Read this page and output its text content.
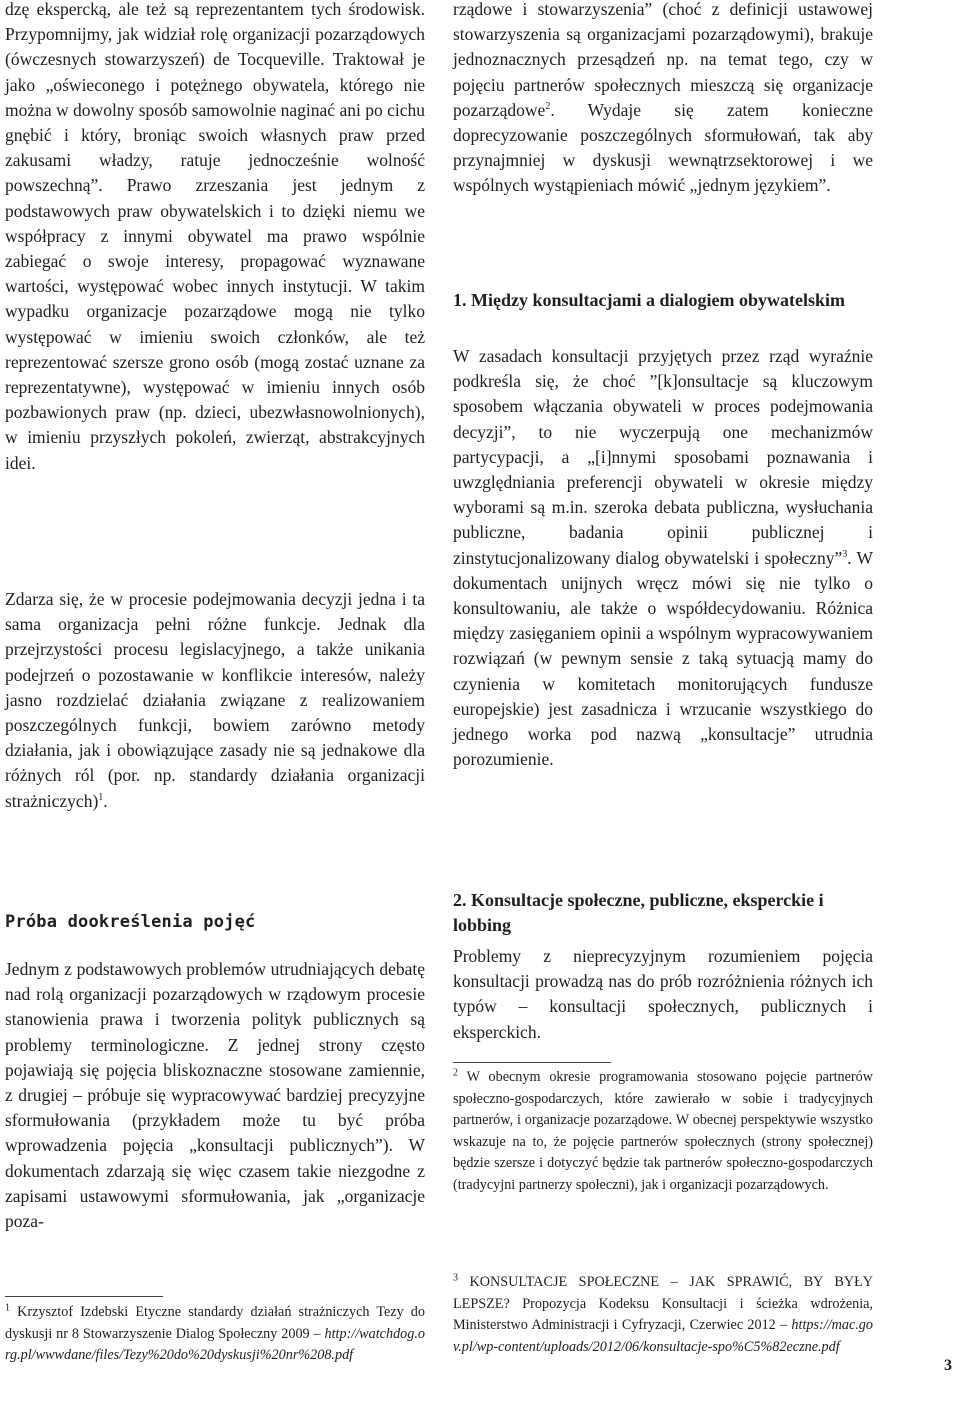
dzę ekspercką, ale też są reprezentantem tych środowisk. Przypomnijmy, jak widział rolę organizacji pozarządowych (ówczesnych stowarzyszeń) de Tocqueville. Traktował je jako „oświeconego i potężnego obywatela, którego nie można w dowolny sposób samowolnie naginać ani po cichu gnębić i który, broniąc swoich własnych praw przed zakusami władzy, ratuje jednocześnie wolność powszechną”. Prawo zrzeszania jest jednym z podstawowych praw obywatelskich i to dzięki niemu we współpracy z innymi obywatel ma prawo wspólnie zabiegać o swoje interesy, propagować wyznawane wartości, występować wobec innych instytucji. W takim wypadku organizacje pozarządowe mogą nie tylko występować w imieniu swoich członków, ale też reprezentować szersze grono osób (mogą zostać uznane za reprezentatywne), występować w imieniu innych osób pozbawionych praw (np. dzieci, ubezwłasnowolnionych), w imieniu przyszłych pokoleń, zwierząt, abstrakcyjnych idei.

Zdarza się, że w procesie podejmowania decyzji jedna i ta sama organizacja pełni różne funkcje. Jednak dla przejrzystości procesu legislacyjnego, a także unikania podejrzeń o pozostawanie w konflikcie interesów, należy jasno rozdzielać działania związane z realizowaniem poszczególnych funkcji, bowiem zarówno metody działania, jak i obowiązujące zasady nie są jednakowe dla różnych ról (por. np. standardy działania organizacji strażniczych)$^1$.

Próba dookreślenia pojęć

Jednym z podstawowych problemów utrudniających debatę nad rolą organizacji pozarządowych w rządowym procesie stanowienia prawa i tworzenia polityk publicznych są problemy terminologiczne. Z jednej strony często pojawiają się pojęcia bliskoznaczne stosowane zamiennie, z drugiej – próbuje się wypracowywać bardziej precyzyjne sformułowania (przykładem może tu być próba wprowadzenia pojęcia „konsultacji publicznych”). W dokumentach zdarzają się więc czasem takie niezgodne z zapisami ustawowymi sformułowania, jak „organizacje poza-

$^1$ Krzysztof Izdebski Etyczne standardy działań strażniczych Tezy do dyskusji nr 8 Stowarzyszenie Dialog Społeczny 2009 – http://watchdog.org.pl/wwwdane/files/Tezy%20do%20dyskusji%20nr%208.pdf

rządowe i stowarzyszenia” (choć z definicji ustawowej stowarzyszenia są organizacjami pozarządowymi), brakuje jednoznacznych przesądzeń np. na temat tego, czy w pojęciu partnerów społecznych mieszczą się organizacje pozarządowe$^2$. Wydaje się zatem konieczne doprecyzowanie poszczególnych sformułowań, tak aby przynajmniej w dyskusji wewnątrzsektorowej i we wspólnych wystąpieniach mówić „jednym językiem”.

1. Między konsultacjami a dialogiem obywatelskim

W zasadach konsultacji przyjętych przez rząd wyraźnie podkreśla się, że choć ”[k]onsultacje są kluczowym sposobem włączania obywateli w proces podejmowania decyzji”, to nie wyczerpują one mechanizmów partycypacji, a „[i]nnymi sposobami poznawania i uwzględniania preferencji obywateli w okresie między wyborami są m.in. szeroka debata publiczna, wysłuchania publiczne, badania opinii publicznej i zinstytucjonalizowany dialog obywatelski i społeczny”$^3$. W dokumentach unijnych wręcz mówi się nie tylko o konsultowaniu, ale także o współdecydowaniu. Różnica między zasięganiem opinii a wspólnym wypracowywaniem rozwiązań (w pewnym sensie z taką sytuacją mamy do czynienia w komitetach monitorujących fundusze europejskie) jest zasadnicza i wrzucanie wszystkiego do jednego worka pod nazwą „konsultacje” utrudnia porozumienie.

2. Konsultacje społeczne, publiczne, eksperckie i lobbing

Problemy z nieprecyzyjnym rozumieniem pojęcia konsultacji prowadzą nas do prób rozróżnienia różnych ich typów – konsultacji społecznych, publicznych i eksperckich.

$^2$ W obecnym okresie programowania stosowano pojęcie partnerów społeczno-gospodarczych, które zawierało w sobie i tradycyjnych partnerów, i organizacje pozarządowe. W obecnej perspektywie wszystko wskazuje na to, że pojęcie partnerów społecznych (strony społecznej) będzie szersze i dotyczyć będzie tak partnerów społeczno-gospodarczych (tradycyjni partnerzy społeczni), jak i organizacji pozarządowych.

$^3$ KONSULTACJE SPOŁECZNE – JAK SPRAWIĆ, BY BYŁY LEPSZE? Propozycja Kodeksu Konsultacji i ścieżka wdrożenia, Ministerstwo Administracji i Cyfryzacji, Czerwiec 2012 – https://mac.gov.pl/wp-content/uploads/2012/06/konsultacje-spo%C5%82eczne.pdf

3
